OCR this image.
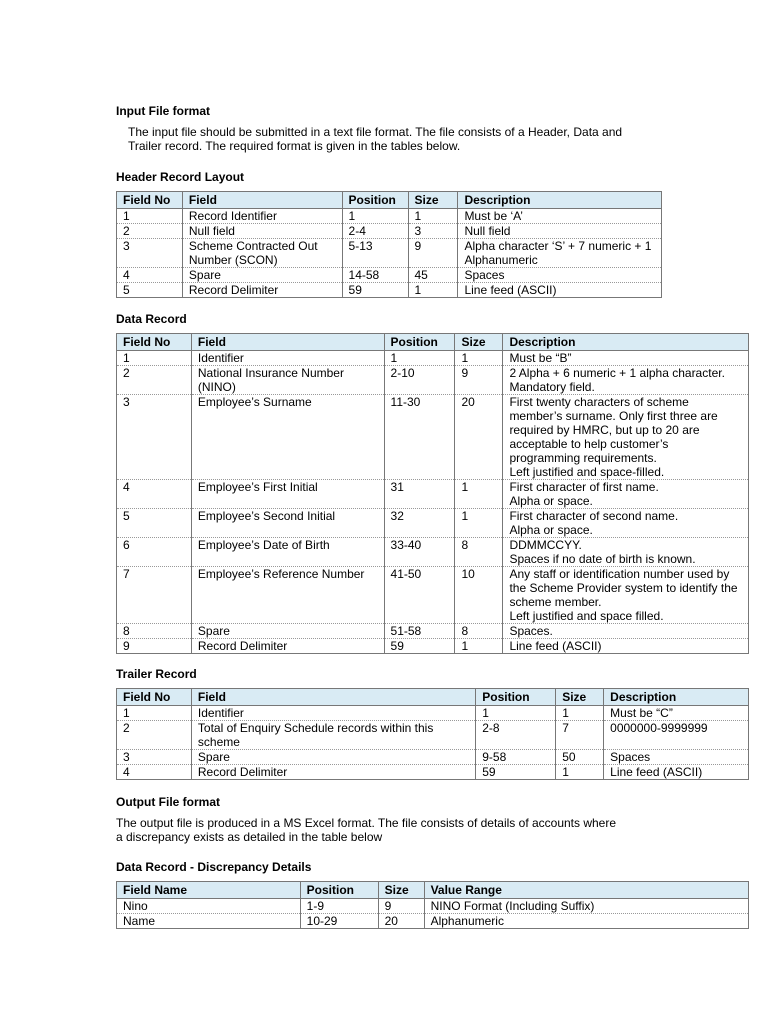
Input File format

The input file should be submitted in a text file format. The file consists of a Header, Data and Trailer record. The required format is given in the tables below.

Header Record Layout
Field No	Field	Position	Size	Description
1	Record Identifier	1	1	Must be ‘A’
2	Null field	2-4	3	Null field
3	Scheme Contracted Out Number (SCON)	5-13	9	Alpha character ‘S’ + 7 numeric + 1 Alphanumeric
4	Spare	14-58	45	Spaces
5	Record Delimiter	59	1	Line feed (ASCII)
Data Record
Field No	Field	Position	Size	Description
1	Identifier	1	1	Must be “B”
2	National Insurance Number (NINO)	2-10	9	2 Alpha + 6 numeric + 1 alpha character. Mandatory field.
3	Employee’s Surname	11-30	20	First twenty characters of scheme member’s surname. Only first three are required by HMRC, but up to 20 are acceptable to help customer’s programming requirements.
Left justified and space-filled.
4	Employee’s First Initial	31	1	First character of first name.
Alpha or space.
5	Employee’s Second Initial	32	1	First character of second name.
Alpha or space.
6	Employee’s Date of Birth	33-40	8	DDMMCCYY.
Spaces if no date of birth is known.
7	Employee’s Reference Number	41-50	10	Any staff or identification number used by the Scheme Provider system to identify the scheme member.
Left justified and space filled.
8	Spare	51-58	8	Spaces.
9	Record Delimiter	59	1	Line feed (ASCII)
Trailer Record
Field No	Field	Position	Size	Description
1	Identifier	1	1	Must be “C”
2	Total of Enquiry Schedule records within this scheme	2-8	7	0000000-9999999
3	Spare	9-58	50	Spaces
4	Record Delimiter	59	1	Line feed (ASCII)
Output File format

The output file is produced in a MS Excel format. The file consists of details of accounts where a discrepancy exists as detailed in the table below

Data Record - Discrepancy Details
Field Name	Position	Size	Value Range
Nino	1-9	9	NINO Format (Including Suffix)
Name	10-29	20	Alphanumeric
